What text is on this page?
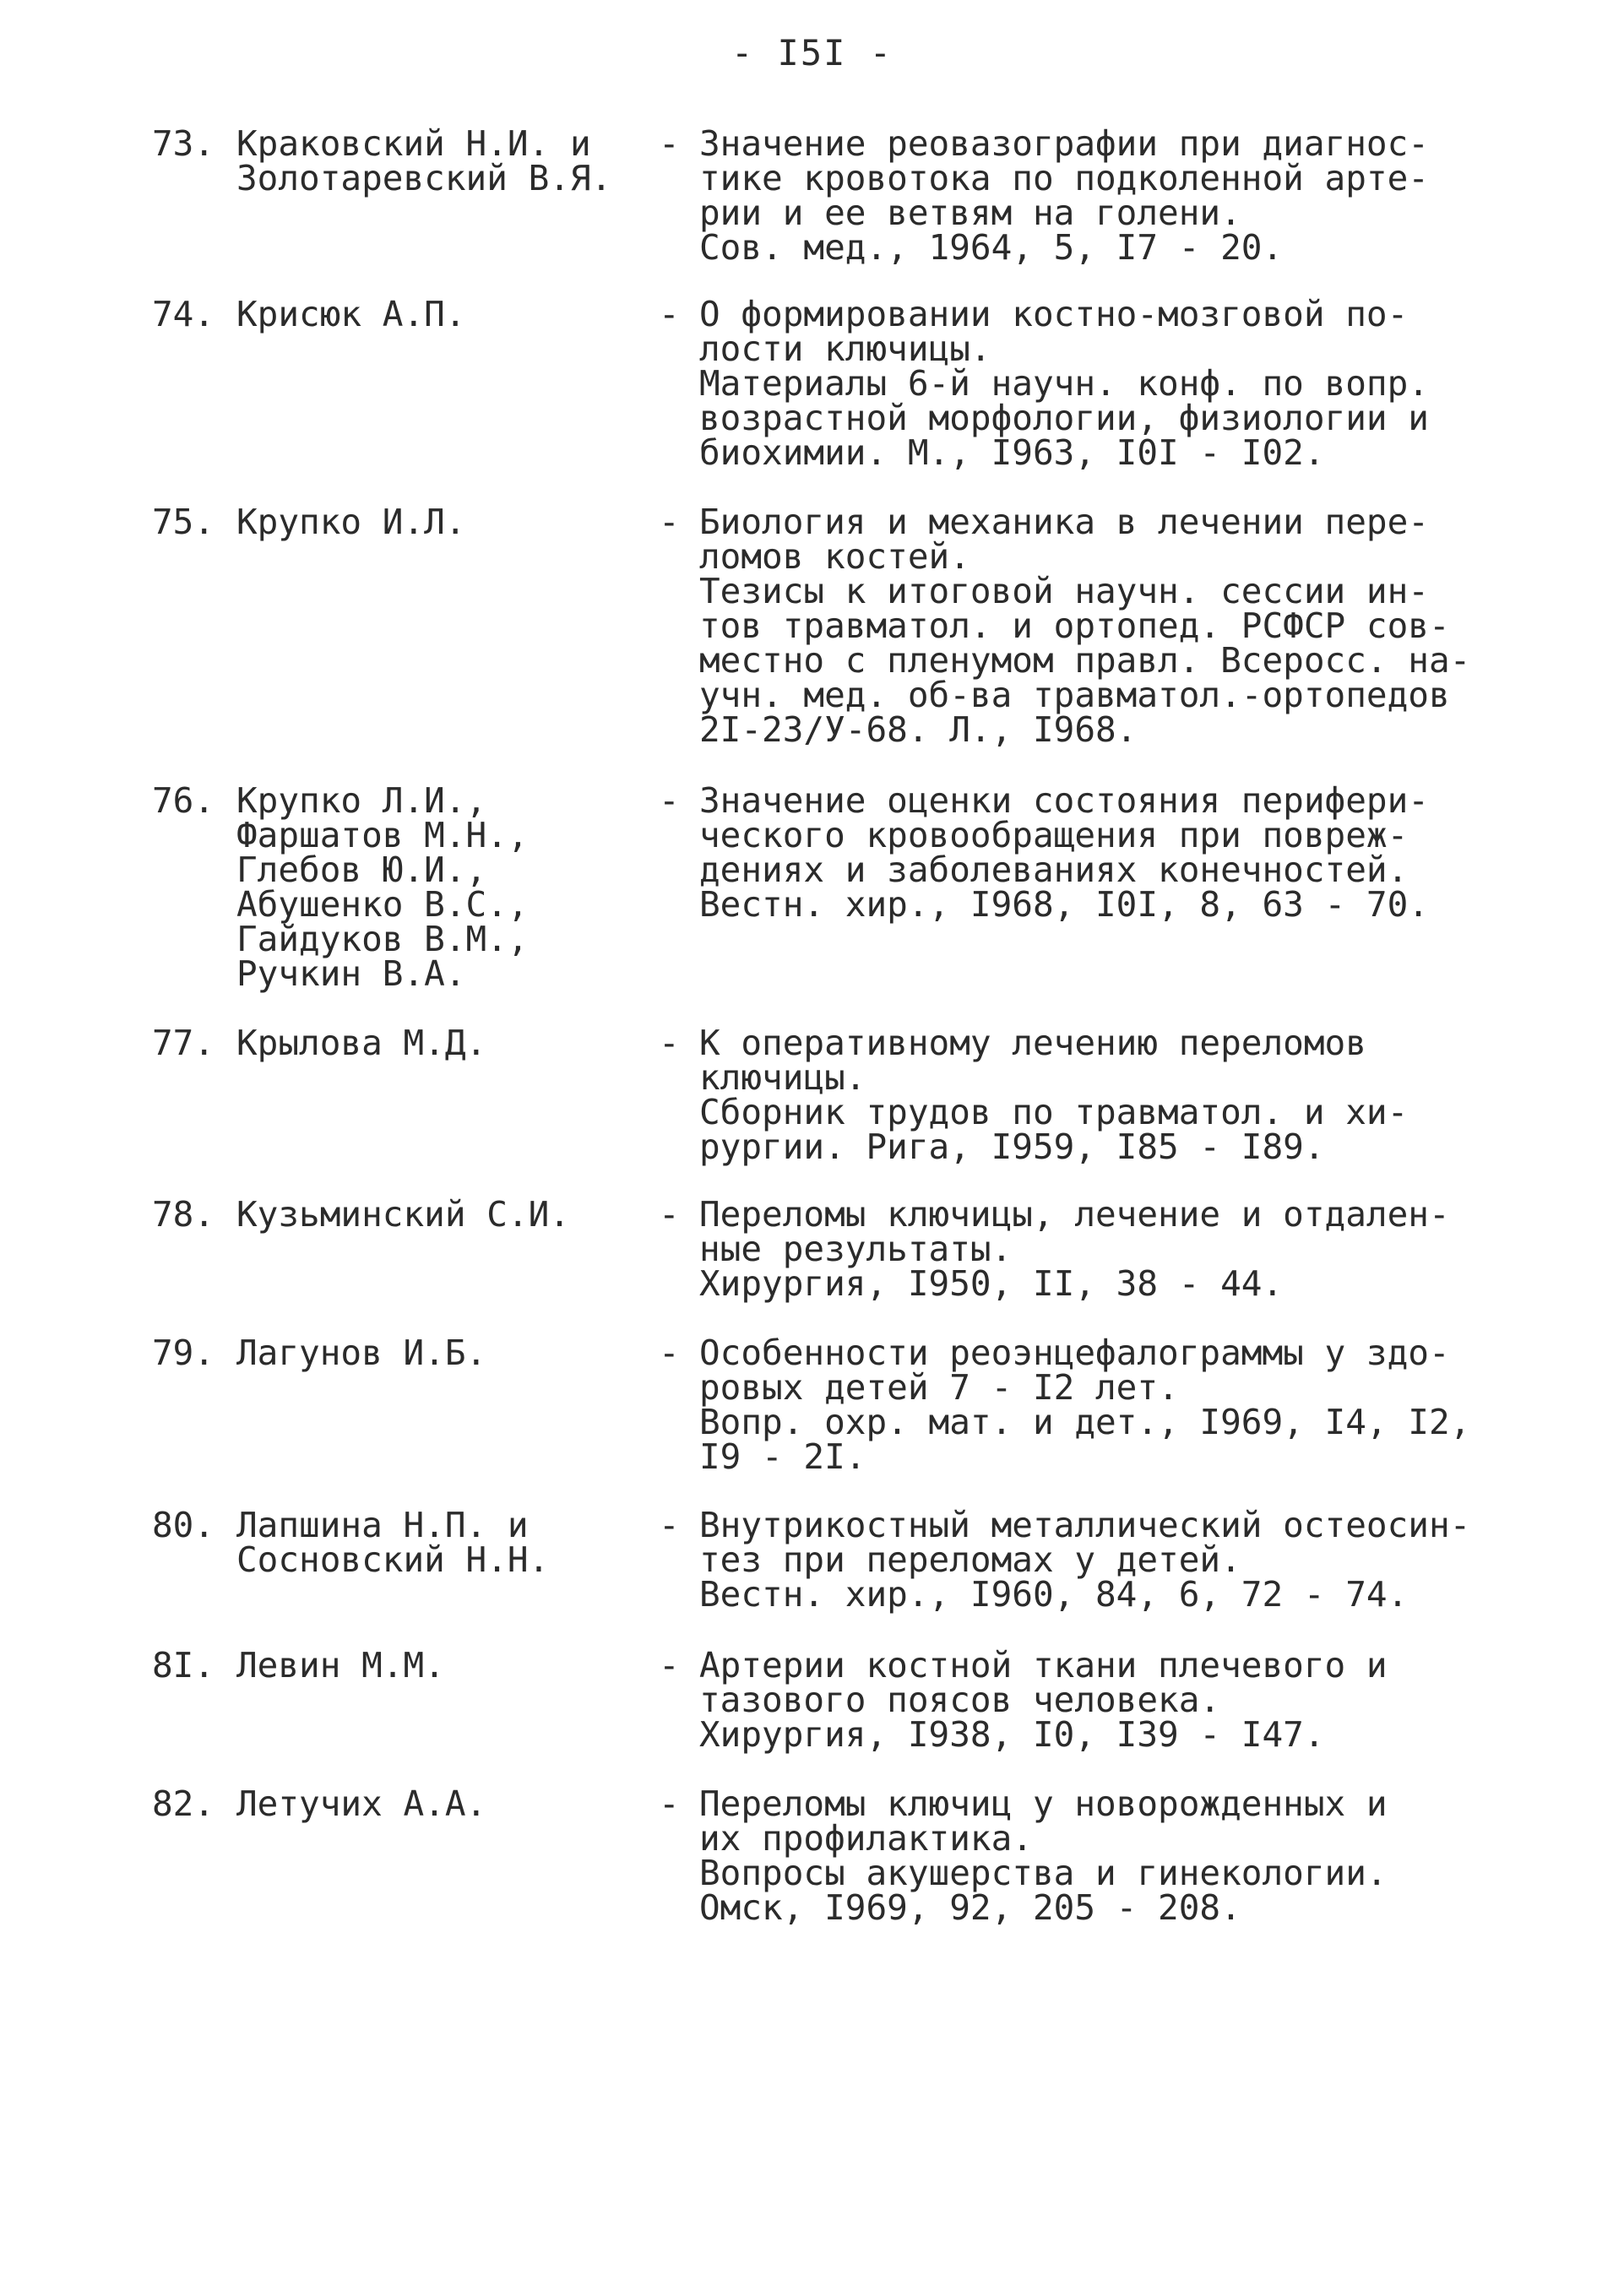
- I5I -
73. Краковский Н.И. и
Золотаревский В.Я.
- Значение реовазографии при диагнос-
тике кровотока по подколенной арте-
рии и ее ветвям на голени.
Сов. мед., 1964, 5, I7 - 20.
74. Крисюк А.П.	- О формировании костно-мозговой по-
лости ключицы.
Материалы 6-й научн. конф. по вопр.
возрастной морфологии, физиологии и
биохимии. М., I963, I0I - I02.
75. Крупко И.Л.	- Биология и механика в лечении пере-
ломов костей.
Тезисы к итоговой научн. сессии ин-
тов травматол. и ортопед. РСФСР сов-
местно с пленумом правл. Всеросс. на-
учн. мед. об-ва травматол.-ортопедов
2I-23/У-68. Л., I968.
76. Крупко Л.И.,
Фаршатов М.Н.,
Глебов Ю.И.,
Абушенко В.С.,
Гайдуков В.М.,
Ручкин В.А.
- Значение оценки состояния перифери-
ческого кровообращения при повреж-
дениях и заболеваниях конечностей.
Вестн. хир., I968, I0I, 8, 63 - 70.
77. Крылова М.Д.	- К оперативному лечению переломов
ключицы.
Сборник трудов по травматол. и хи-
рургии. Рига, I959, I85 - I89.
78. Кузьминский С.И.	- Переломы ключицы, лечение и отдален-
ные результаты.
Хирургия, I950, II, 38 - 44.
79. Лагунов И.Б.	- Особенности реоэнцефалограммы у здо-
ровых детей 7 - I2 лет.
Вопр. охр. мат. и дет., I969, I4, I2,
I9 - 2I.
80. Лапшина Н.П. и
Сосновский Н.Н.
- Внутрикостный металлический остеосин-
тез при переломах у детей.
Вестн. хир., I960, 84, 6, 72 - 74.
8I. Левин М.М.	- Артерии костной ткани плечевого и
тазового поясов человека.
Хирургия, I938, I0, I39 - I47.
82. Летучих А.А.	- Переломы ключиц у новорожденных и
их профилактика.
Вопросы акушерства и гинекологии.
Омск, I969, 92, 205 - 208.
